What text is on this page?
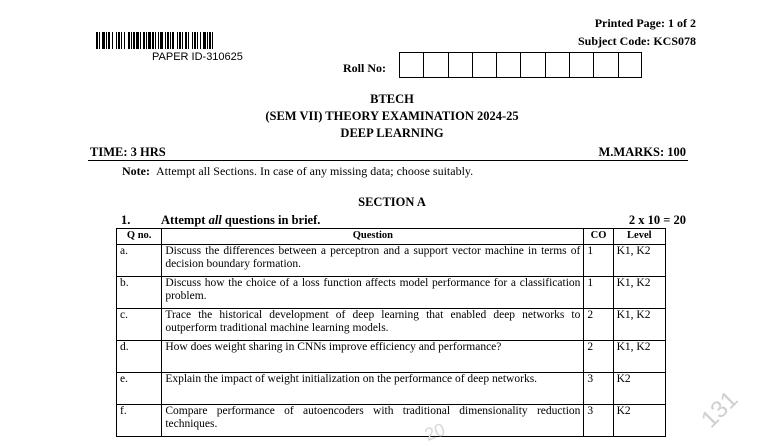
PAPER ID-310625
Printed Page: 1 of 2
Subject Code: KCS078
Roll No:
BTECH
(SEM VII) THEORY EXAMINATION 2024-25
DEEP LEARNING
TIME: 3 HRS	M.MARKS: 100
Note: Attempt all Sections. In case of any missing data; choose suitably.
SECTION A
1. Attempt all questions in brief.	2 x 10 = 20
Q no.	Question	CO	Level
a.	Discuss the differences between a perceptron and a support vector machine in terms of decision boundary formation.	1	K1, K2
b.	Discuss how the choice of a loss function affects model performance for a classification problem.	1	K1, K2
c.	Trace the historical development of deep learning that enabled deep networks to outperform traditional machine learning models.	2	K1, K2
d.	How does weight sharing in CNNs improve efficiency and performance?	2	K1, K2
e.	Explain the impact of weight initialization on the performance of deep networks.	3	K2
f.	Compare performance of autoencoders with traditional dimensionality reduction techniques.	3	K2	131
20
